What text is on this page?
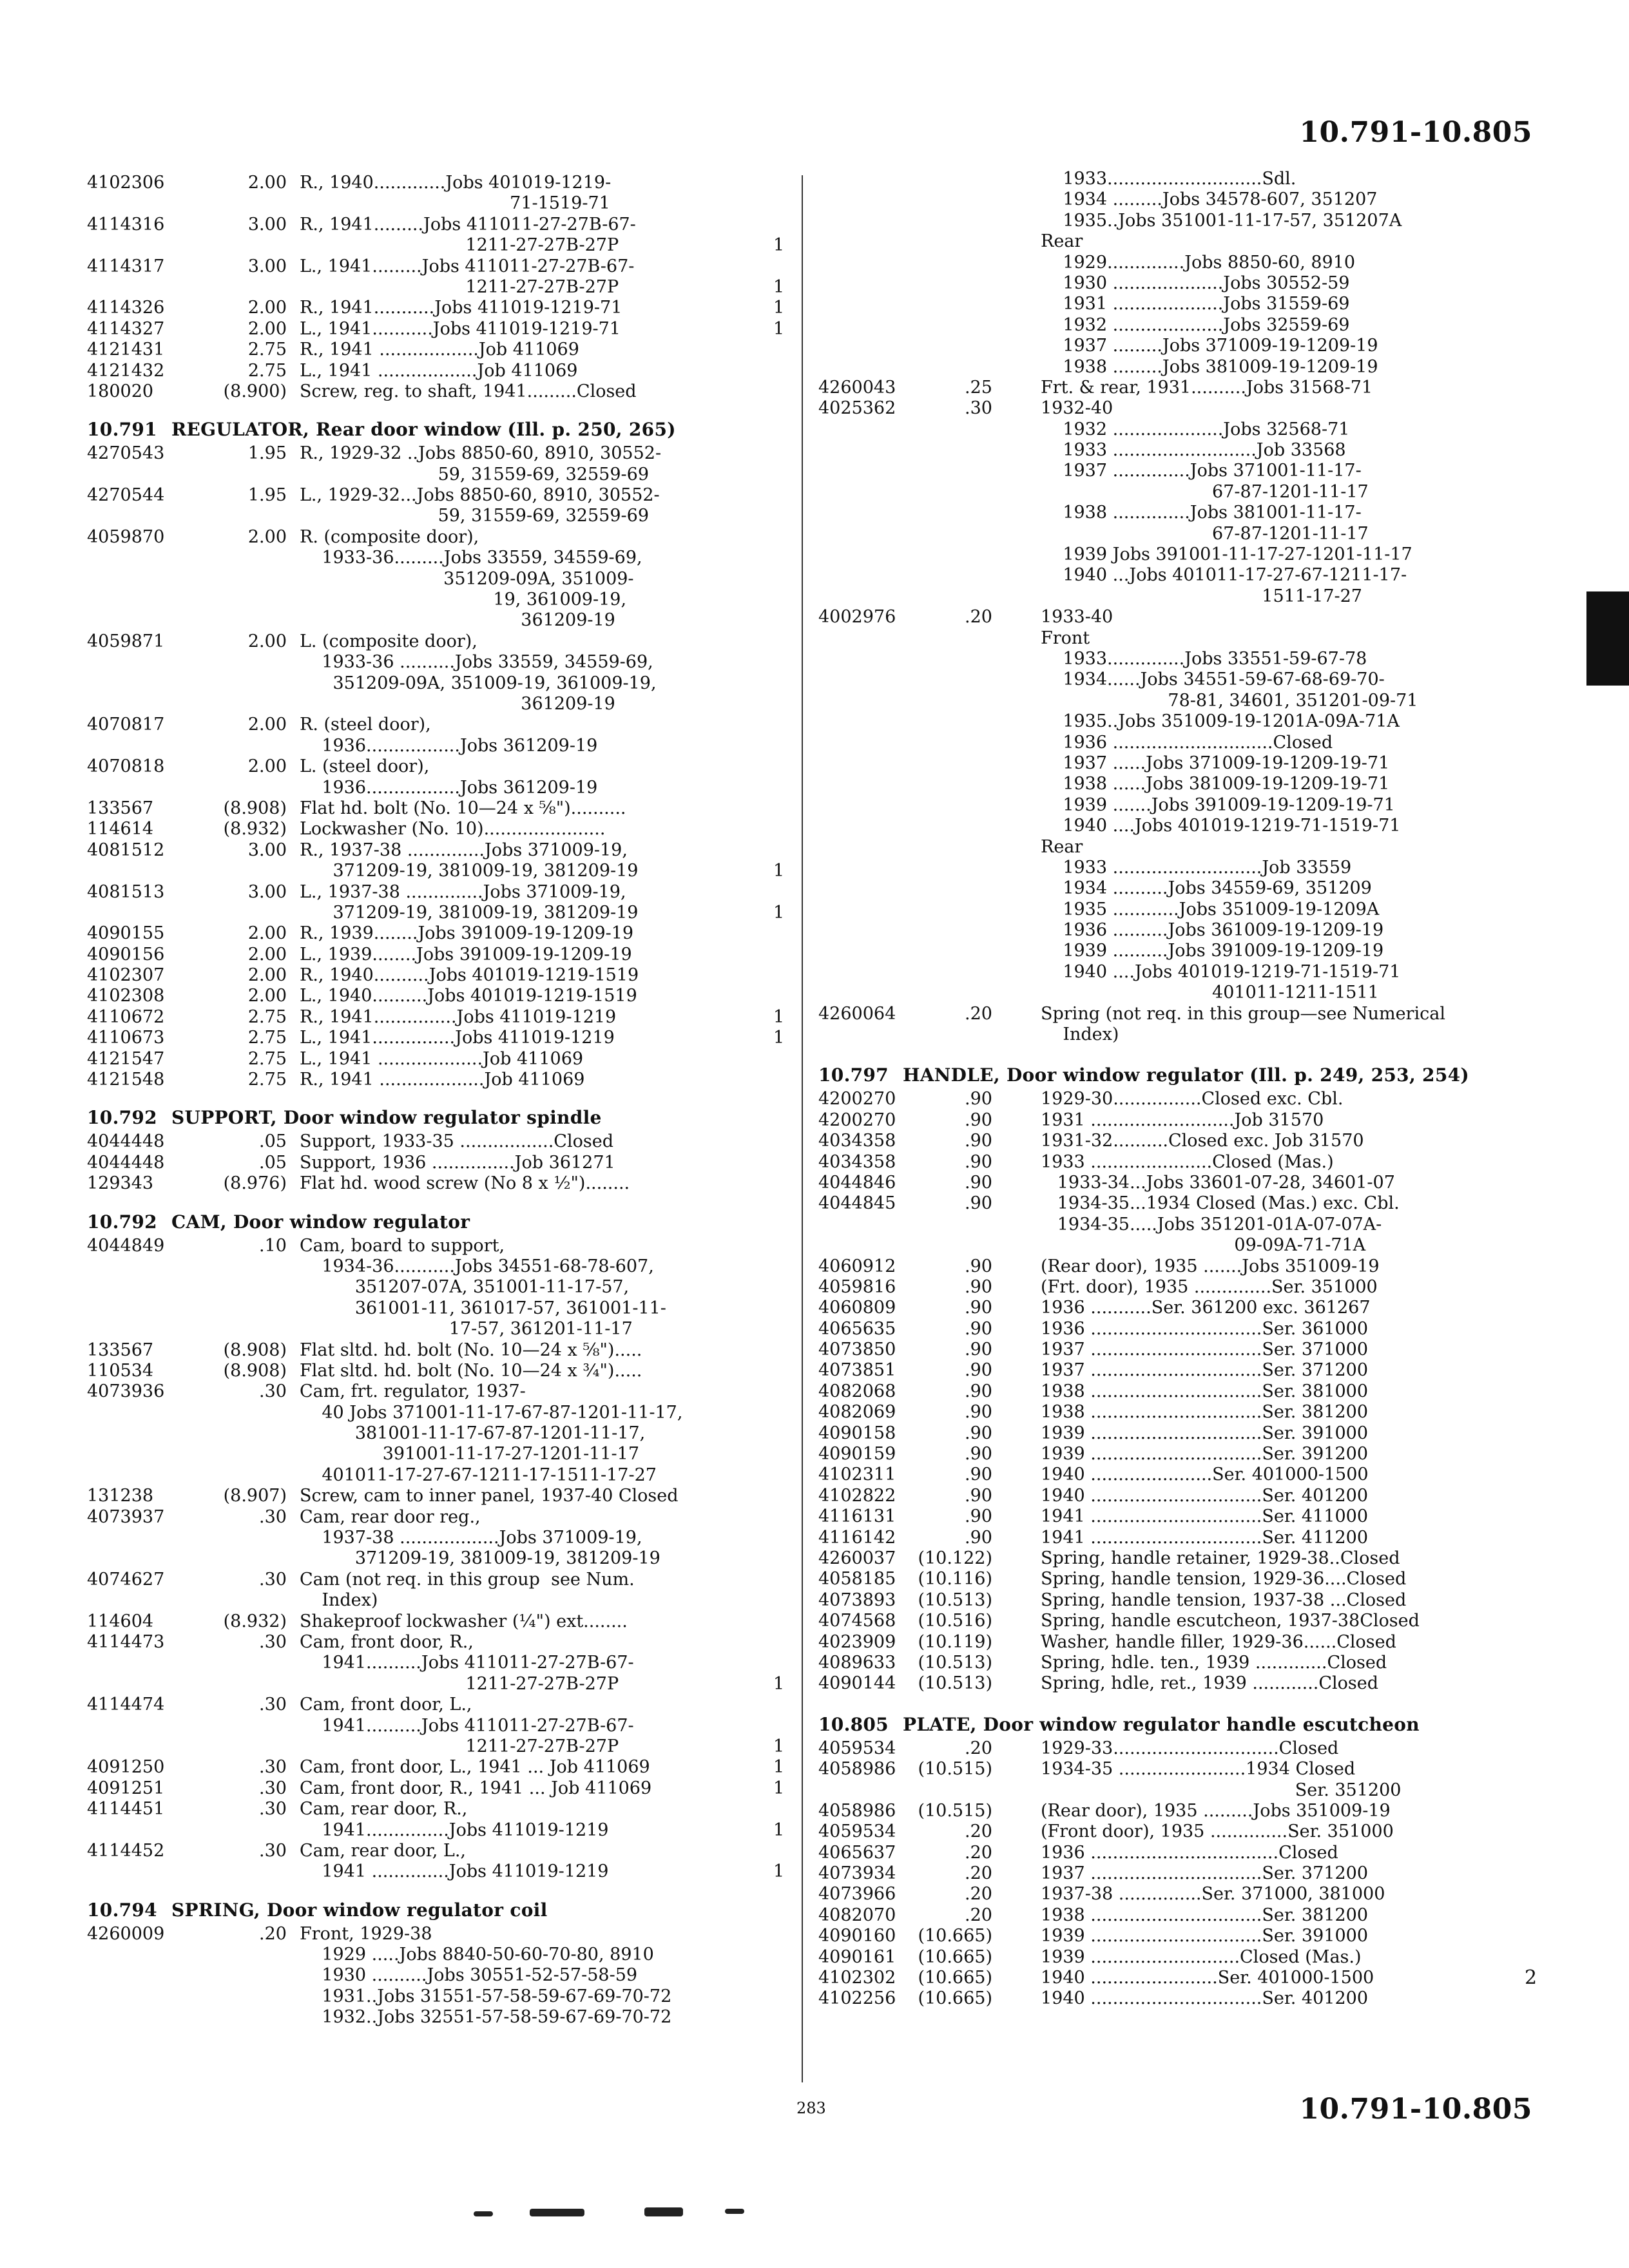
10.791-10.805
4102306	2.00 R., 1940.............Jobs 401019-1219-
71-1519-71
4114316	3.00 R., 1941.........Jobs 411011-27-27B-67-
1211-27-27B-27P	1
4114317	3.00 L., 1941.........Jobs 411011-27-27B-67-
1211-27-27B-27P	1
4114326	2.00 R., 1941...........Jobs 411019-1219-71	1
4114327	2.00 L., 1941...........Jobs 411019-1219-71	1
4121431	2.75 R., 1941 ..................Job 411069
4121432	2.75 L., 1941 ..................Job 411069
180020	(8.900) Screw, reg. to shaft, 1941.........Closed
10.791 REGULATOR, Rear door window (Ill. p. 250, 265)
4270543	1.95 R., 1929-32 ..Jobs 8850-60, 8910, 30552-
59, 31559-69, 32559-69
4270544	1.95 L., 1929-32...Jobs 8850-60, 8910, 30552-
59, 31559-69, 32559-69
4059870	2.00 R. (composite door),
1933-36.........Jobs 33559, 34559-69,
351209-09A, 351009-
19, 361009-19,
361209-19
4059871	2.00 L. (composite door),
1933-36 ..........Jobs 33559, 34559-69,
351209-09A, 351009-19, 361009-19,
361209-19
4070817	2.00 R. (steel door),
1936.................Jobs 361209-19
4070818	2.00 L. (steel door),
1936.................Jobs 361209-19
133567	(8.908) Flat hd. bolt (No. 10—24 x ⅝")..........
114614	(8.932) Lockwasher (No. 10)......................
4081512	3.00 R., 1937-38 ..............Jobs 371009-19,
371209-19, 381009-19, 381209-19	1
4081513	3.00 L., 1937-38 ..............Jobs 371009-19,
371209-19, 381009-19, 381209-19	1
4090155	2.00 R., 1939........Jobs 391009-19-1209-19
4090156	2.00 L., 1939........Jobs 391009-19-1209-19
4102307	2.00 R., 1940..........Jobs 401019-1219-1519
4102308	2.00 L., 1940..........Jobs 401019-1219-1519
4110672	2.75 R., 1941...............Jobs 411019-1219	1
4110673	2.75 L., 1941...............Jobs 411019-1219	1
4121547	2.75 L., 1941 ...................Job 411069
4121548	2.75 R., 1941 ...................Job 411069
10.792 SUPPORT, Door window regulator spindle
4044448	.05 Support, 1933-35 .................Closed
4044448	.05 Support, 1936 ...............Job 361271
129343	(8.976) Flat hd. wood screw (No 8 x ½")........
10.792 CAM, Door window regulator
4044849	.10 Cam, board to support,
1934-36...........Jobs 34551-68-78-607,
351207-07A, 351001-11-17-57,
361001-11, 361017-57, 361001-11-
17-57, 361201-11-17
133567	(8.908) Flat sltd. hd. bolt (No. 10—24 x ⅝").....
110534	(8.908) Flat sltd. hd. bolt (No. 10—24 x ¾").....
4073936	.30 Cam, frt. regulator, 1937-
40 Jobs 371001-11-17-67-87-1201-11-17,
381001-11-17-67-87-1201-11-17,
391001-11-17-27-1201-11-17
401011-17-27-67-1211-17-1511-17-27
131238	(8.907) Screw, cam to inner panel, 1937-40 Closed
4073937	.30 Cam, rear door reg.,
1937-38 ..................Jobs 371009-19,
371209-19, 381009-19, 381209-19
4074627	.30 Cam (not req. in this group  see Num.
Index)
114604	(8.932) Shakeproof lockwasher (¼") ext........
4114473	.30 Cam, front door, R.,
1941..........Jobs 411011-27-27B-67-
1211-27-27B-27P	1
4114474	.30 Cam, front door, L.,
1941..........Jobs 411011-27-27B-67-
1211-27-27B-27P	1
4091250	.30 Cam, front door, L., 1941 ... Job 411069	1
4091251	.30 Cam, front door, R., 1941 ... Job 411069	1
4114451	.30 Cam, rear door, R.,
1941...............Jobs 411019-1219	1
4114452	.30 Cam, rear door, L.,
1941 ..............Jobs 411019-1219	1
10.794 SPRING, Door window regulator coil
4260009	.20 Front, 1929-38
1929 .....Jobs 8840-50-60-70-80, 8910
1930 ..........Jobs 30551-52-57-58-59
1931..Jobs 31551-57-58-59-67-69-70-72
1932..Jobs 32551-57-58-59-67-69-70-72
1933............................Sdl.
1934 .........Jobs 34578-607, 351207
1935..Jobs 351001-11-17-57, 351207A
Rear
1929..............Jobs 8850-60, 8910
1930 ....................Jobs 30552-59
1931 ....................Jobs 31559-69
1932 ....................Jobs 32559-69
1937 .........Jobs 371009-19-1209-19
1938 .........Jobs 381009-19-1209-19
4260043	.25	Frt. & rear, 1931..........Jobs 31568-71
4025362	.30	1932-40
1932 ....................Jobs 32568-71
1933 ..........................Job 33568
1937 ..............Jobs 371001-11-17-
67-87-1201-11-17
1938 ..............Jobs 381001-11-17-
67-87-1201-11-17
1939 Jobs 391001-11-17-27-1201-11-17
1940 ...Jobs 401011-17-27-67-1211-17-
1511-17-27
4002976	.20	1933-40
Front
1933..............Jobs 33551-59-67-78
1934......Jobs 34551-59-67-68-69-70-
78-81, 34601, 351201-09-71
1935..Jobs 351009-19-1201A-09A-71A
1936 .............................Closed
1937 ......Jobs 371009-19-1209-19-71
1938 ......Jobs 381009-19-1209-19-71
1939 .......Jobs 391009-19-1209-19-71
1940 ....Jobs 401019-1219-71-1519-71
Rear
1933 ...........................Job 33559
1934 ..........Jobs 34559-69, 351209
1935 ............Jobs 351009-19-1209A
1936 ..........Jobs 361009-19-1209-19
1939 ..........Jobs 391009-19-1209-19
1940 ....Jobs 401019-1219-71-1519-71
401011-1211-1511
4260064	.20	Spring (not req. in this group—see Numerical
Index)
10.797 HANDLE, Door window regulator (Ill. p. 249, 253, 254)
4200270	.90	1929-30................Closed exc. Cbl.
4200270	.90	1931 ..........................Job 31570
4034358	.90	1931-32..........Closed exc. Job 31570
4034358	.90	1933 ......................Closed (Mas.)
4044846	.90	1933-34...Jobs 33601-07-28, 34601-07
4044845	.90	1934-35...1934 Closed (Mas.) exc. Cbl.
1934-35.....Jobs 351201-01A-07-07A-
09-09A-71-71A
4060912	.90	(Rear door), 1935 .......Jobs 351009-19
4059816	.90	(Frt. door), 1935 ..............Ser. 351000
4060809	.90	1936 ...........Ser. 361200 exc. 361267
4065635	.90	1936 ...............................Ser. 361000
4073850	.90	1937 ...............................Ser. 371000
4073851	.90	1937 ...............................Ser. 371200
4082068	.90	1938 ...............................Ser. 381000
4082069	.90	1938 ...............................Ser. 381200
4090158	.90	1939 ...............................Ser. 391000
4090159	.90	1939 ...............................Ser. 391200
4102311	.90	1940 ......................Ser. 401000-1500
4102822	.90	1940 ...............................Ser. 401200
4116131	.90	1941 ...............................Ser. 411000
4116142	.90	1941 ...............................Ser. 411200
4260037	(10.122)	Spring, handle retainer, 1929-38..Closed
4058185	(10.116)	Spring, handle tension, 1929-36....Closed
4073893	(10.513)	Spring, handle tension, 1937-38 ...Closed
4074568	(10.516)	Spring, handle escutcheon, 1937-38Closed
4023909	(10.119)	Washer, handle filler, 1929-36......Closed
4089633	(10.513)	Spring, hdle. ten., 1939 .............Closed
4090144	(10.513)	Spring, hdle, ret., 1939 ............Closed
10.805 PLATE, Door window regulator handle escutcheon
4059534	.20	1929-33..............................Closed
4058986	(10.515)	1934-35 .......................1934 Closed
Ser. 351200
4058986	(10.515)	(Rear door), 1935 .........Jobs 351009-19
4059534	.20	(Front door), 1935 ..............Ser. 351000
4065637	.20	1936 ..................................Closed
4073934	.20	1937 ...............................Ser. 371200
4073966	.20	1937-38 ...............Ser. 371000, 381000
4082070	.20	1938 ...............................Ser. 381200
4090160	(10.665)	1939 ...............................Ser. 391000
4090161	(10.665)	1939 ...........................Closed (Mas.)
4102302	(10.665)	1940 .......................Ser. 401000-1500
4102256	(10.665)	1940 ...............................Ser. 401200
283
2
10.791-10.805
